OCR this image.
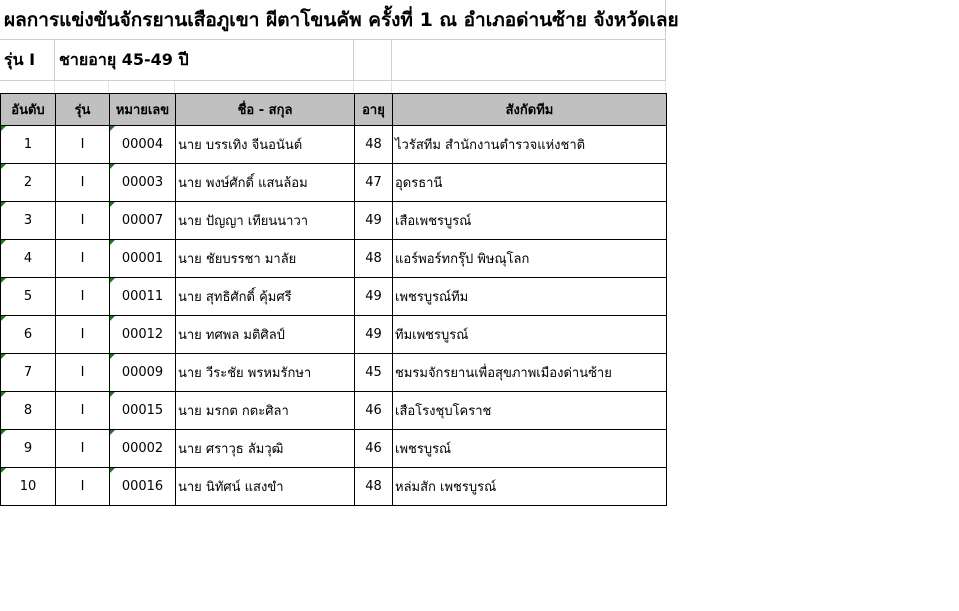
ผลการแข่งขันจักรยานเสือภูเขา ผีตาโขนคัพ ครั้งที่ 1 ณ อำเภอด่านซ้าย จังหวัดเลย
รุ่น I ชายอายุ 45-49 ปี
อันดับ	รุ่น	หมายเลข	ชื่อ - สกุล	อายุ	สังกัดทีม
1	I	00004	นาย บรรเทิง จีนอนันต์	48	ไวรัสทีม สำนักงานตำรวจแห่งชาติ
2	I	00003	นาย พงษ์ศักดิ์ แสนล้อม	47	อุดรธานี
3	I	00007	นาย ปัญญา เทียนนาวา	49	เสือเพชรบูรณ์
4	I	00001	นาย ชัยบรรชา มาลัย	48	แอร์พอร์ทกรุ๊ป พิษณุโลก
5	I	00011	นาย สุทธิศักดิ์ คุ้มศรี	49	เพชรบูรณ์ทีม
6	I	00012	นาย ทศพล มติศิลป์	49	ทีมเพชรบูรณ์
7	I	00009	นาย วีระชัย พรหมรักษา	45	ชมรมจักรยานเพื่อสุขภาพเมืองด่านซ้าย
8	I	00015	นาย มรกต กตะศิลา	46	เสือโรงชุบโคราช
9	I	00002	นาย ศราวุธ ลัมวุฒิ	46	เพชรบูรณ์
10	I	00016	นาย นิทัศน์ แสงขำ	48	หล่มสัก เพชรบูรณ์
